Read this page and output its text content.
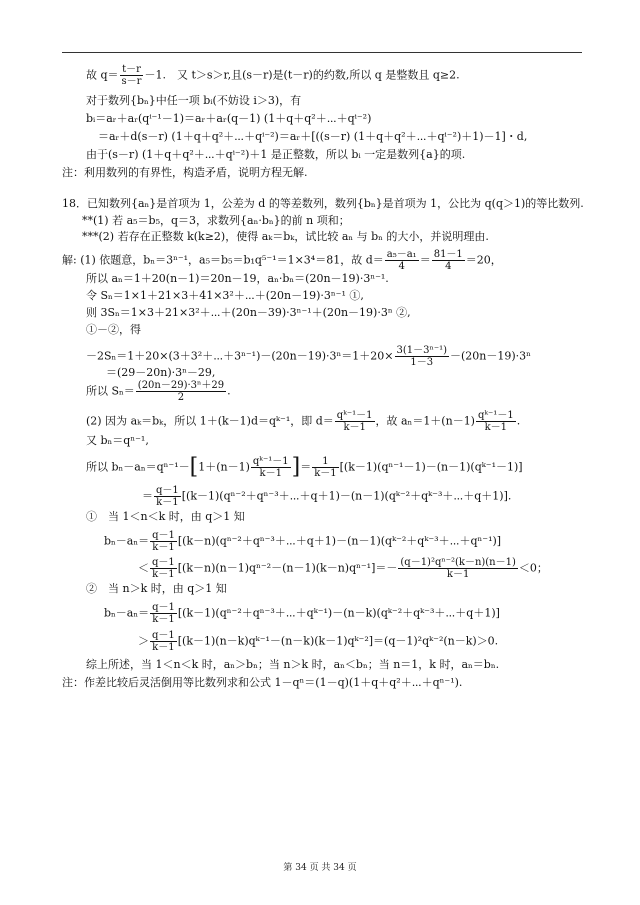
故 $q= \frac{t-r}{s-r} -1$.　又 t＞s＞r,且(s－r)是(t－r)的约数,所以 q 是整数且 q≥2.
对于数列{bₙ}中任一项 bᵢ(不妨设 i＞3)，有
bᵢ＝aᵣ＋aᵣ(qⁱ⁻¹－1)＝aᵣ＋aᵣ(q－1) (1＋q＋q²＋⋯＋qⁱ⁻²)
＝aᵣ＋d(s－r) (1＋q＋q²＋⋯＋qⁱ⁻²)＝aᵣ＋[((s－r) (1＋q＋q²＋⋯＋qⁱ⁻²)＋1)－1]・d,
由于(s－r) (1＋q＋q²＋⋯＋qⁱ⁻²)＋1 是正整数，所以 bᵢ 一定是数列{a}的项.
注：利用数列的有界性，构造矛盾，说明方程无解.
18．已知数列{aₙ}是首项为 1，公差为 d 的等差数列，数列{bₙ}是首项为 1，公比为 q(q＞1)的等比数列.
**(1) 若 a₅＝b₅，q＝3，求数列{aₙ·bₙ}的前 n 项和；
***(2) 若存在正整数 k(k≥2)，使得 aₖ＝bₖ，试比较 aₙ 与 bₙ 的大小，并说明理由.
解: (1) 依题意，bₙ＝3ⁿ⁻¹，a₅＝b₅＝b₁q⁵⁻¹＝1×3⁴＝81，故 $d= \frac{\text{a₅－a₁}}{4} = \frac{81-1}{4} =20$，
所以 aₙ＝1＋20(n－1)＝20n－19，aₙ·bₙ＝(20n－19)·3ⁿ⁻¹.
令 Sₙ＝1×1＋21×3＋41×3²＋⋯＋(20n－19)·3ⁿ⁻¹ ①,
则 3Sₙ＝1×3＋21×3²＋⋯＋(20n－39)·3ⁿ⁻¹＋(20n－19)·3ⁿ ②,
①－②，得
－2Sₙ＝1＋20×(3＋3²＋⋯＋3ⁿ⁻¹)－(20n－19)·3ⁿ＝1＋20× $\frac{\text{3(1－3ⁿ⁻¹)}}{1-3} -(20n-19)\cdot 3^n$
＝(29－20n)·3ⁿ－29,
所以 $S_n= \frac{\text{(20n－29)·3ⁿ＋29}}{2}$ .
(2) 因为 aₖ＝bₖ，所以 1＋(k－1)d＝qᵏ⁻¹，即 $d= \frac{\text{qᵏ⁻¹－1}}{k-1}$ ，故 $a_n=1+(n-1) \frac{\text{qᵏ⁻¹－1}}{k-1}$ .
又 bₙ＝qⁿ⁻¹,
所以 $b_n-a_n=q^{n-1}-[1+(n-1) \frac{\text{qᵏ⁻¹－1}}{k-1}$ ]＝ $\frac{1}{k-1}$ [(k－1)(qⁿ⁻¹－1)－(n－1)(qᵏ⁻¹－1)]
＝ $\frac{q-1}{k-1}$ [(k－1)(qⁿ⁻²＋qⁿ⁻³＋⋯＋q＋1)－(n－1)(qᵏ⁻²＋qᵏ⁻³＋⋯＋q＋1)].
①　当 1＜n＜k 时，由 q＞1 知
$b_n-a_n= \frac{q-1}{k-1}$ [(k－n)(qⁿ⁻²＋qⁿ⁻³＋⋯＋q＋1)－(n－1)(qᵏ⁻²＋qᵏ⁻³＋⋯＋qⁿ⁻¹)]
＜ $\frac{q-1}{k-1} [(k-n)(n-1)q^{n-2}-(n-1)(k-n)q^{n-1}]=- \frac{\text{(q－1)²qⁿ⁻²(k－n)(n－1)}}{k-1} <0$；
②　当 n＞k 时，由 q＞1 知
$b_n-a_n= \frac{q-1}{k-1}$ [(k－1)(qⁿ⁻²＋qⁿ⁻³＋⋯＋qᵏ⁻¹)－(n－k)(qᵏ⁻²＋qᵏ⁻³＋⋯＋q＋1)]
＞ $\frac{q-1}{k-1}$ [(k－1)(n－k)qᵏ⁻¹－(n－k)(k－1)qᵏ⁻²]＝(q－1)²qᵏ⁻²(n－k)＞0.
综上所述，当 1＜n＜k 时，aₙ＞bₙ；当 n＞k 时，aₙ＜bₙ；当 n＝1，k 时，aₙ＝bₙ.
注：作差比较后灵活倒用等比数列求和公式 1－qⁿ＝(1－q)(1＋q＋q²＋⋯＋qⁿ⁻¹).
第 34 页 共 34 页
